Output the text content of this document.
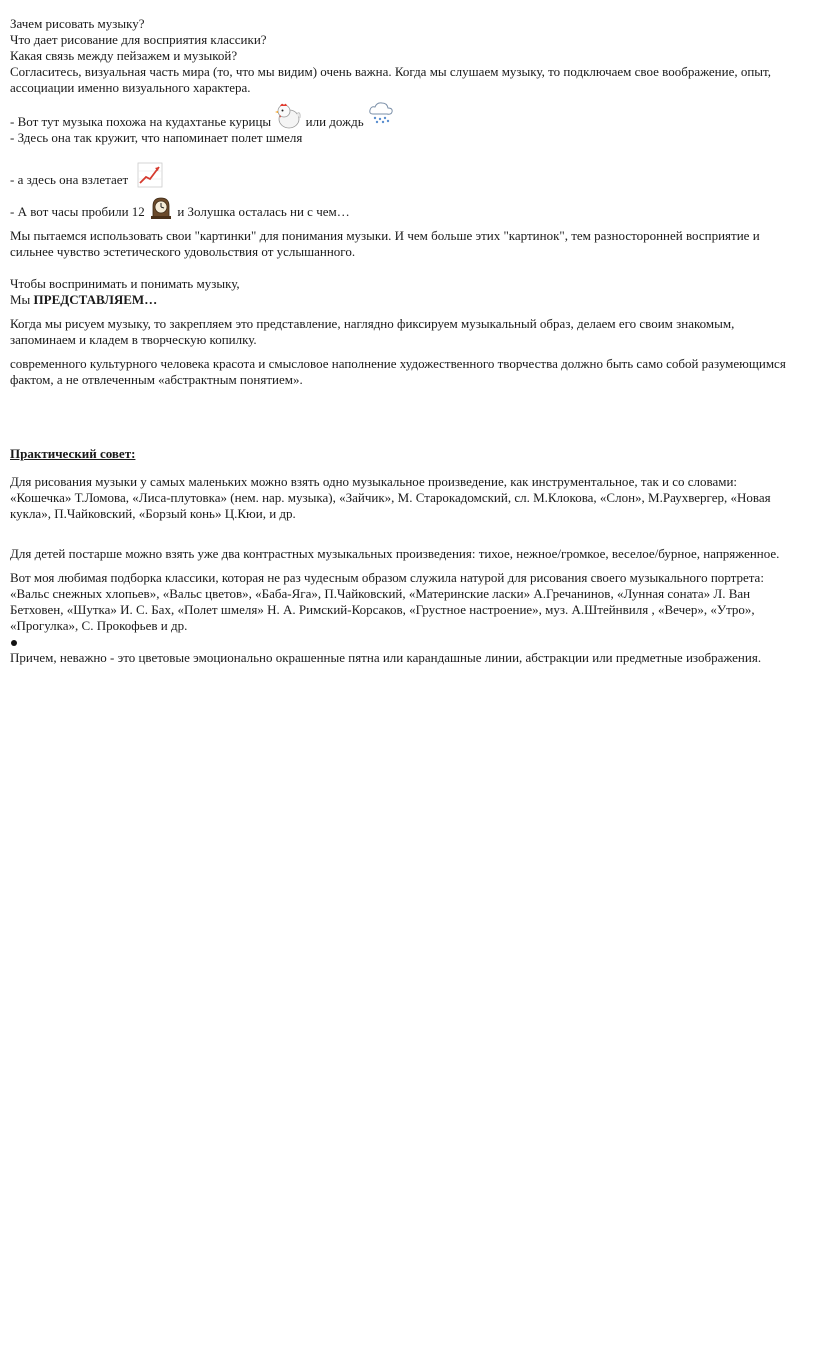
Зачем рисовать музыку?

Что дает рисование для восприятия классики?

Какая связь между пейзажем и музыкой?

Согласитесь, визуальная часть мира (то, что мы видим) очень важна. Когда мы слушаем музыку, то подключаем свое воображение, опыт, ассоциации именно визуального характера.

- Вот тут музыка похожа на кудахтанье курицы	или дождь

- Здесь она так кружит, что напоминает полет шмеля

- а здесь она взлетает
- А вот часы пробили 12	и Золушка осталась ни с чем…

Мы пытаемся использовать свои "картинки" для понимания музыки. И чем больше этих "картинок", тем разносторонней восприятие и сильнее чувство эстетического удовольствия от услышанного.

Чтобы воспринимать и понимать музыку,

Мы ПРЕДСТАВЛЯЕМ…

Когда мы рисуем музыку, то закрепляем это представление, наглядно фиксируем музыкальный образ, делаем его своим знакомым, запоминаем и кладем в творческую копилку.

современного культурного человека красота и смысловое наполнение художественного творчества должно быть само собой разумеющимся фактом, а не отвлеченным «абстрактным понятием».

Практический совет:

Для рисования музыки у самых маленьких можно взять одно музыкальное произведение, как инструментальное, так и со словами: «Кошечка» Т.Ломова, «Лиса-плутовка» (нем. нар. музыка), «Зайчик», М. Старокадомский, сл. М.Клокова, «Слон», М.Раухвергер, «Новая кукла», П.Чайковский, «Борзый конь» Ц.Кюи, и др.

Для детей постарше можно взять уже два контрастных музыкальных произведения: тихое, нежное/громкое, веселое/бурное, напряженное.

Вот моя любимая подборка классики, которая не раз чудесным образом служила натурой для рисования своего музыкального портрета: «Вальс снежных хлопьев», «Вальс цветов», «Баба-Яга», П.Чайковский, «Материнские ласки» А.Гречанинов, «Лунная соната» Л. Ван Бетховен, «Шутка» И. С. Бах, «Полет шмеля» Н. А. Римский-Корсаков, «Грустное настроение», муз. А.Штейнвиля , «Вечер», «Утро», «Прогулка», С. Прокофьев и др.

Причем, неважно - это цветовые эмоционально окрашенные пятна или карандашные линии, абстракции или предметные изображения.
